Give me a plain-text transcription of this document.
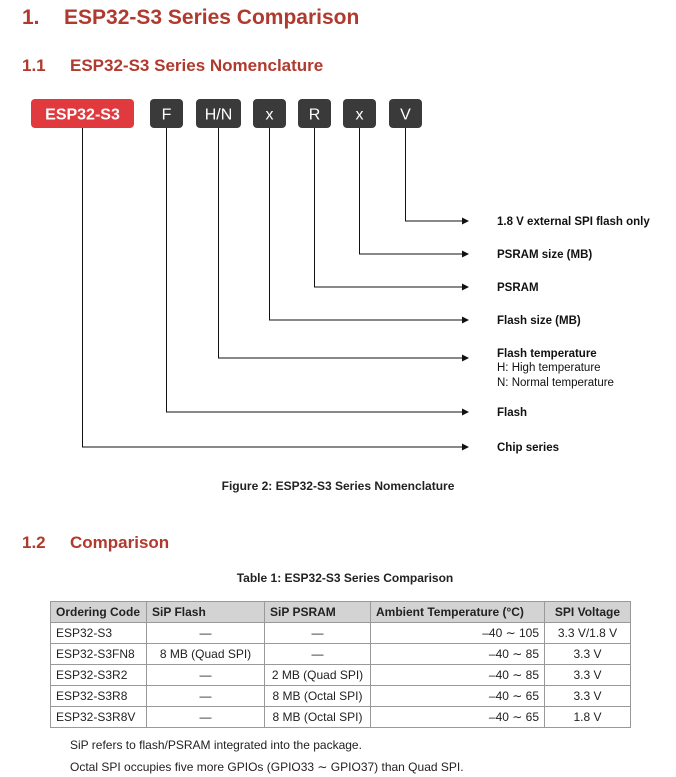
1. ESP32-S3 Series Comparison
1.1 ESP32-S3 Series Nomenclature
ESP32-S3	F H/N x R x V
1.8 V external SPI flash only
PSRAM size (MB)
PSRAM
Flash size (MB)
Flash temperature
H: High temperature
N: Normal temperature
Flash
Chip series
Figure 2: ESP32-S3 Series Nomenclature
1.2 Comparison
Table 1: ESP32-S3 Series Comparison
Ordering Code	SiP Flash	SiP PSRAM	Ambient Temperature (°C)	SPI Voltage
ESP32-S3	—	—	–40 ∼ 105	3.3 V/1.8 V
ESP32-S3FN8	8 MB (Quad SPI)	—	–40 ∼ 85	3.3 V
ESP32-S3R2	—	2 MB (Quad SPI)	–40 ∼ 85	3.3 V
ESP32-S3R8	—	8 MB (Octal SPI)	–40 ∼ 65	3.3 V
ESP32-S3R8V	—	8 MB (Octal SPI)	–40 ∼ 65	1.8 V
SiP refers to flash/PSRAM integrated into the package.
Octal SPI occupies five more GPIOs (GPIO33 ∼ GPIO37) than Quad SPI.
